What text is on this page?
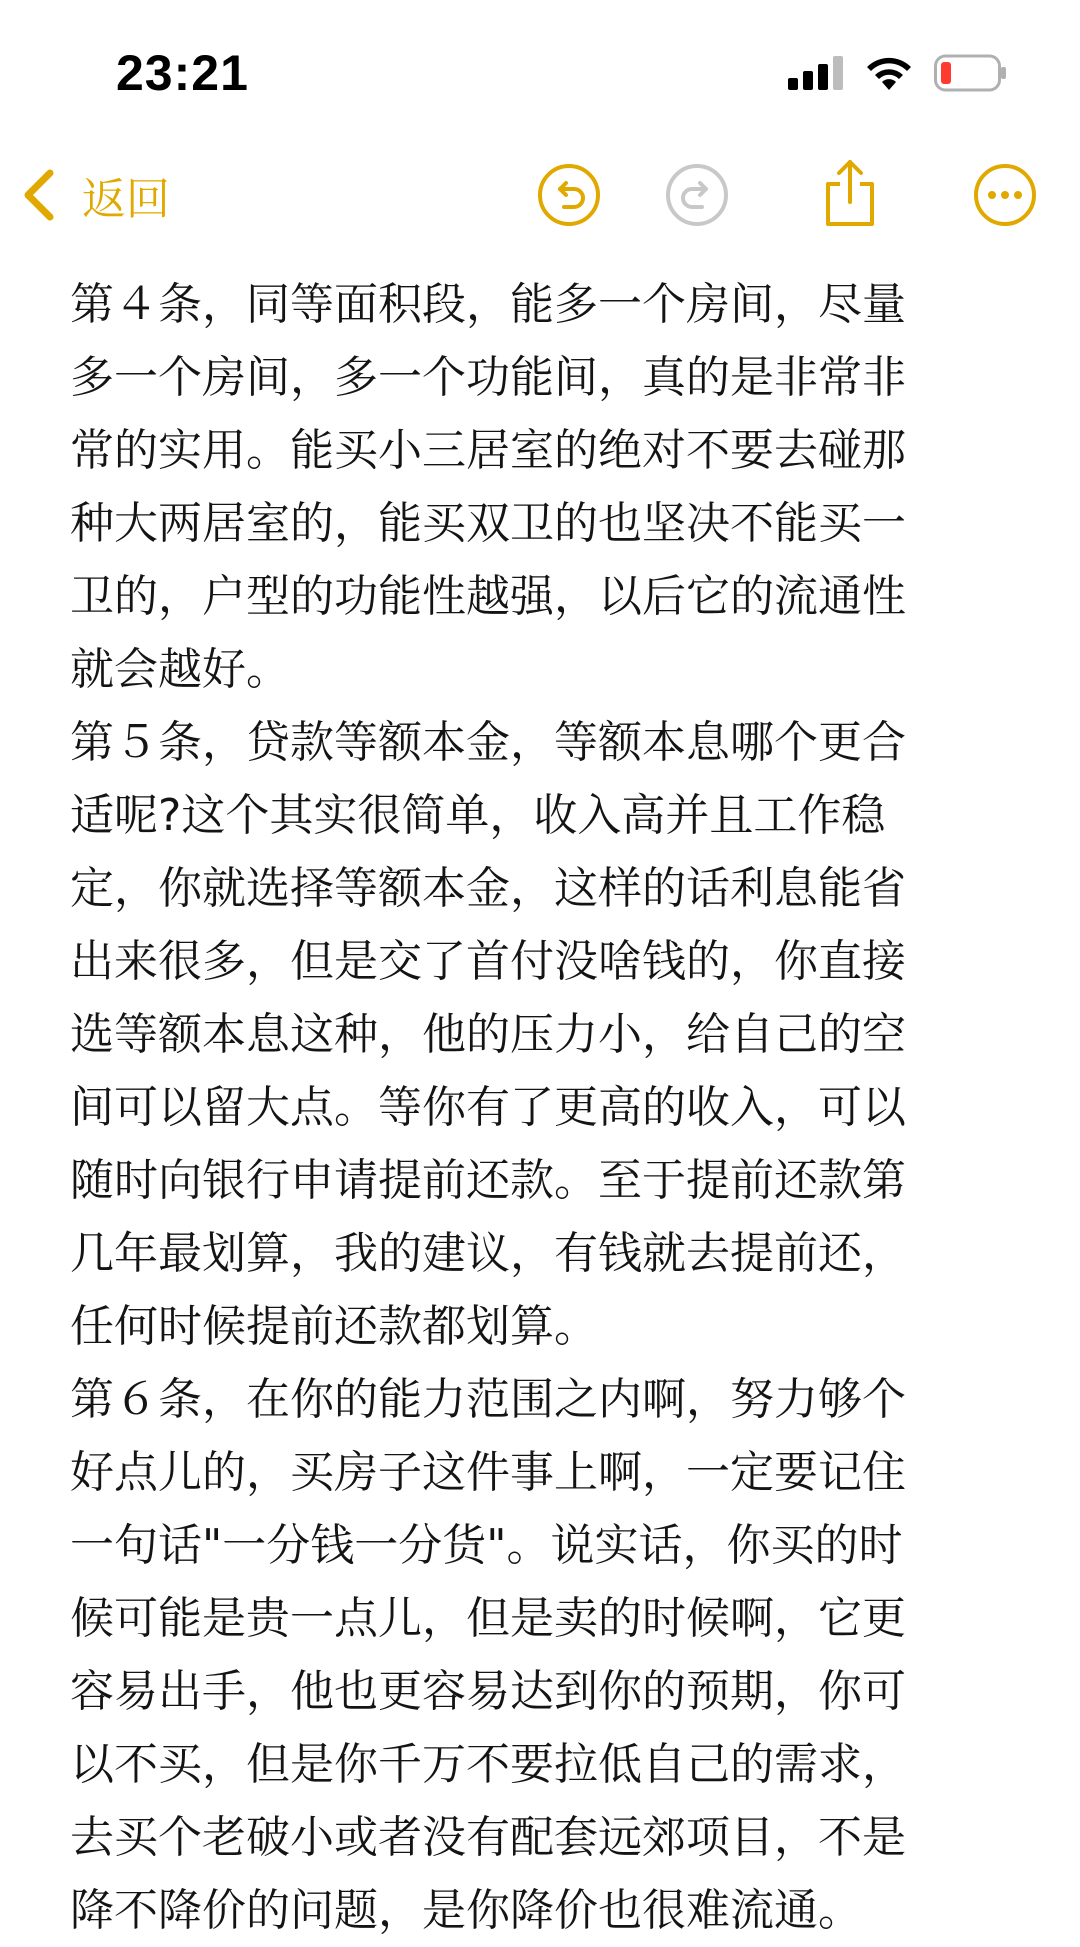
23:21
返回
第４条，同等面积段，能多一个房间，尽量
多一个房间，多一个功能间，真的是非常非
常的实用。能买小三居室的绝对不要去碰那
种大两居室的，能买双卫的也坚决不能买一
卫的，户型的功能性越强，以后它的流通性
就会越好。
第５条，贷款等额本金，等额本息哪个更合
适呢?这个其实很简单，收入高并且工作稳
定，你就选择等额本金，这样的话利息能省
出来很多，但是交了首付没啥钱的，你直接
选等额本息这种，他的压力小，给自己的空
间可以留大点。等你有了更高的收入，可以
随时向银行申请提前还款。至于提前还款第
几年最划算，我的建议，有钱就去提前还，
任何时候提前还款都划算。
第６条，在你的能力范围之内啊，努力够个
好点儿的，买房子这件事上啊，一定要记住
一句话"一分钱一分货"。说实话，你买的时
候可能是贵一点儿，但是卖的时候啊，它更
容易出手，他也更容易达到你的预期，你可
以不买，但是你千万不要拉低自己的需求，
去买个老破小或者没有配套远郊项目，不是
降不降价的问题，是你降价也很难流通。
